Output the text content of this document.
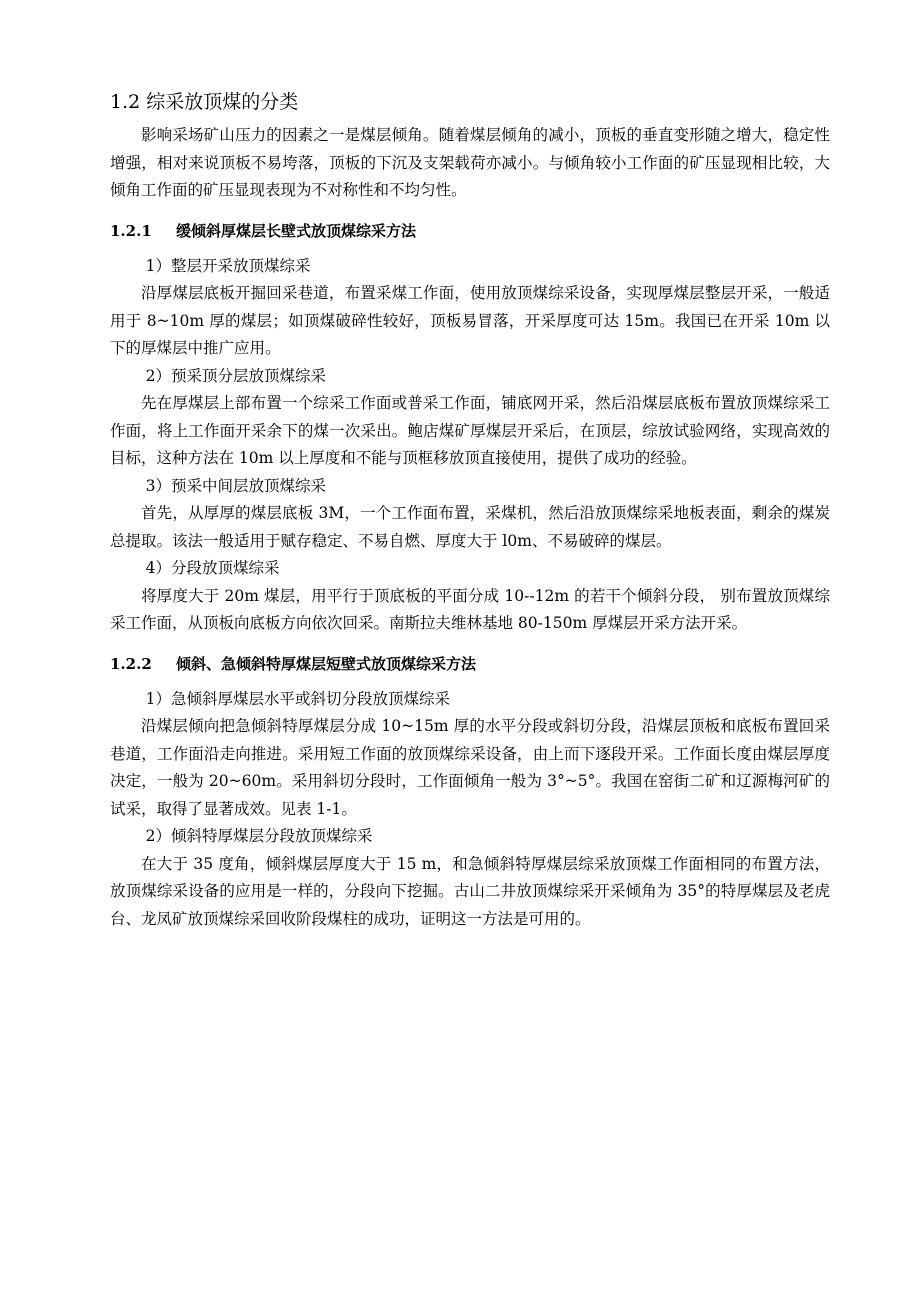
1.2 综采放顶煤的分类

影响采场矿山压力的因素之一是煤层倾角。随着煤层倾角的减小，顶板的垂直变形随之增大，稳定性增强，相对来说顶板不易垮落，顶板的下沉及支架载荷亦减小。与倾角较小工作面的矿压显现相比较，大倾角工作面的矿压显现表现为不对称性和不均匀性。

1.2.1 缓倾斜厚煤层长壁式放顶煤综采方法

1）整层开采放顶煤综采

沿厚煤层底板开掘回采巷道，布置采煤工作面，使用放顶煤综采设备，实现厚煤层整层开采，一般适用于 8~10m 厚的煤层；如顶煤破碎性较好，顶板易冒落，开采厚度可达 15m。我国已在开采 10m 以下的厚煤层中推广应用。

2）预采顶分层放顶煤综采

先在厚煤层上部布置一个综采工作面或普采工作面，铺底网开采，然后沿煤层底板布置放顶煤综采工作面，将上工作面开采余下的煤一次采出。鲍店煤矿厚煤层开采后，在顶层，综放试验网络，实现高效的目标，这种方法在 10m 以上厚度和不能与顶框移放顶直接使用，提供了成功的经验。

3）预采中间层放顶煤综采

首先，从厚厚的煤层底板 3M，一个工作面布置，采煤机，然后沿放顶煤综采地板表面，剩余的煤炭总提取。该法一般适用于赋存稳定、不易自燃、厚度大于 l0m、不易破碎的煤层。

4）分段放顶煤综采

将厚度大于 20m 煤层，用平行于顶底板的平面分成 10--12m 的若干个倾斜分段， 别布置放顶煤综采工作面，从顶板向底板方向依次回采。南斯拉夫维林基地 80-150m 厚煤层开采方法开采。

1.2.2 倾斜、急倾斜特厚煤层短壁式放顶煤综采方法

1）急倾斜厚煤层水平或斜切分段放顶煤综采

沿煤层倾向把急倾斜特厚煤层分成 10~15m 厚的水平分段或斜切分段，沿煤层顶板和底板布置回采巷道，工作面沿走向推进。采用短工作面的放顶煤综采设备，由上而下逐段开采。工作面长度由煤层厚度决定，一般为 20~60m。采用斜切分段时，工作面倾角一般为 3°~5°。我国在窑街二矿和辽源梅河矿的试采，取得了显著成效。见表 1-1。

2）倾斜特厚煤层分段放顶煤综采

在大于 35 度角，倾斜煤层厚度大于 15 m，和急倾斜特厚煤层综采放顶煤工作面相同的布置方法，放顶煤综采设备的应用是一样的，分段向下挖掘。古山二井放顶煤综采开采倾角为 35°的特厚煤层及老虎台、龙凤矿放顶煤综采回收阶段煤柱的成功，证明这一方法是可用的。
